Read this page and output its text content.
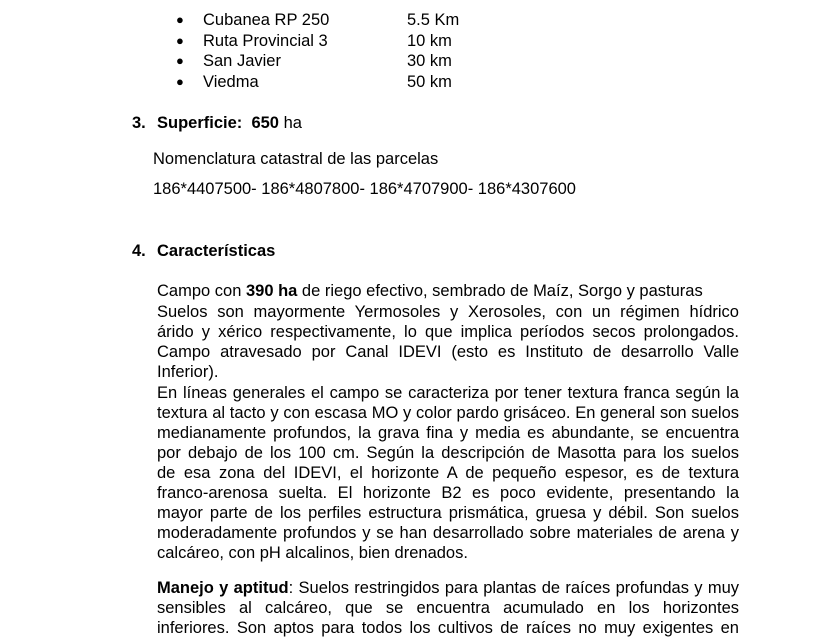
● Cubanea RP 250	5.5 Km
● Ruta Provincial 3	10 km
● San Javier	30 km
● Viedma	50 km
3. Superficie: 650 ha
Nomenclatura catastral de las parcelas
186*4407500- 186*4807800- 186*4707900- 186*4307600
4. Características
Campo con 390 ha de riego efectivo, sembrado de Maíz, Sorgo y pasturas
Suelos son mayormente Yermosoles y Xerosoles, con un régimen hídrico
árido y xérico respectivamente, lo que implica períodos secos prolongados.
Campo atravesado por Canal IDEVI (esto es Instituto de desarrollo Valle
Inferior).
En líneas generales el campo se caracteriza por tener textura franca según la
textura al tacto y con escasa MO y color pardo grisáceo. En general son suelos
medianamente profundos, la grava fina y media es abundante, se encuentra
por debajo de los 100 cm. Según la descripción de Masotta para los suelos
de esa zona del IDEVI, el horizonte A de pequeño espesor, es de textura
franco-arenosa suelta. El horizonte B2 es poco evidente, presentando la
mayor parte de los perfiles estructura prismática, gruesa y débil. Son suelos
moderadamente profundos y se han desarrollado sobre materiales de arena y
calcáreo, con pH alcalinos, bien drenados.
Manejo y aptitud: Suelos restringidos para plantas de raíces profundas y muy
sensibles al calcáreo, que se encuentra acumulado en los horizontes
inferiores. Son aptos para todos los cultivos de raíces no muy exigentes en
